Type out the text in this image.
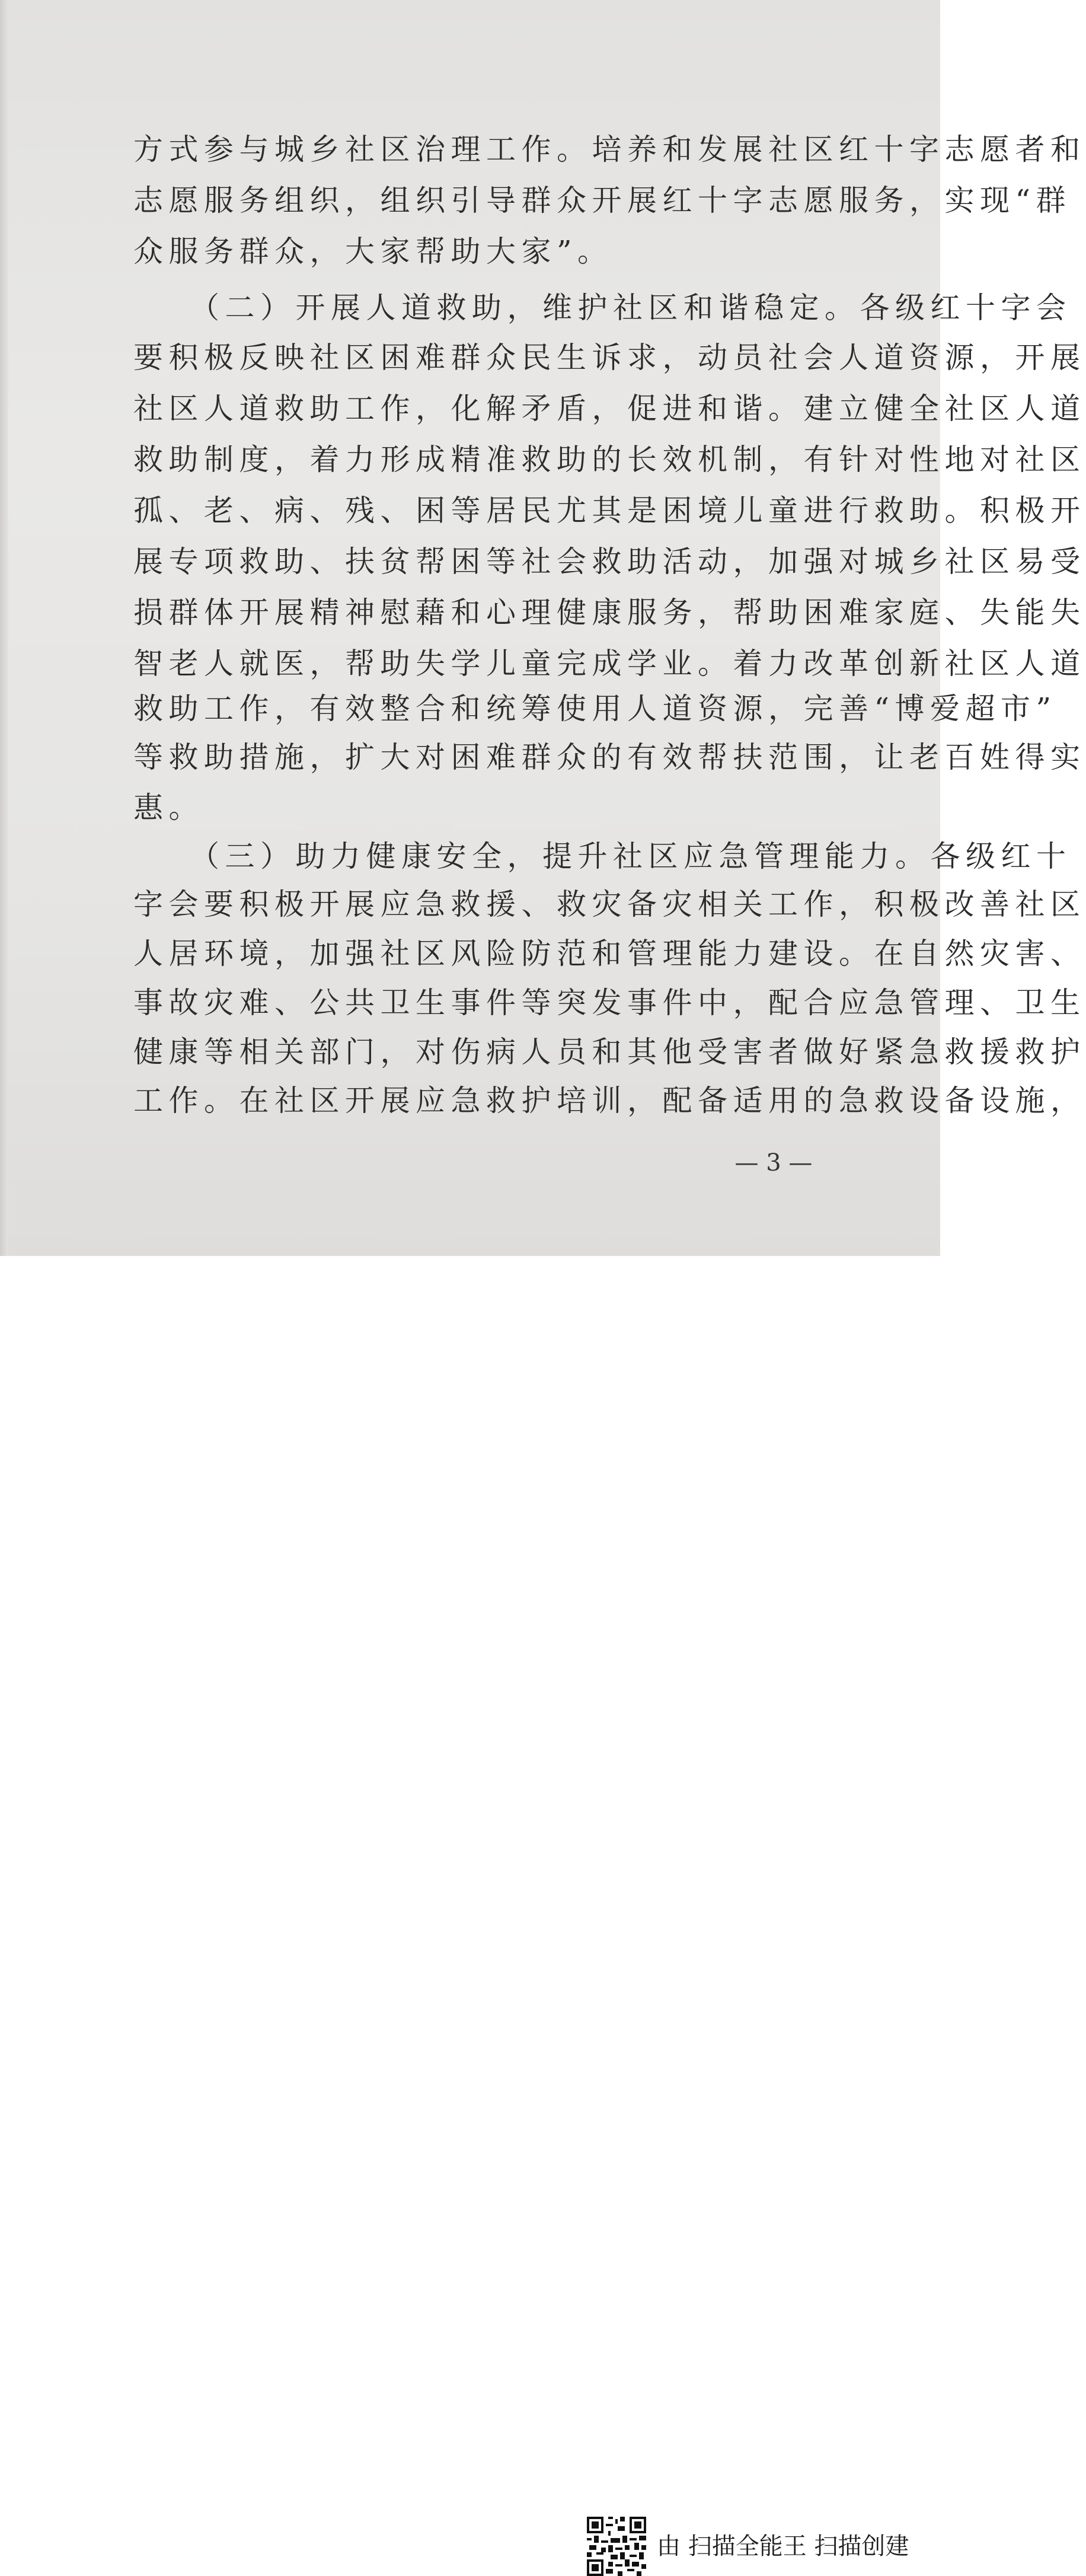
方式参与城乡社区治理工作。培养和发展社区红十字志愿者和
志愿服务组织，组织引导群众开展红十字志愿服务，实现“群
众服务群众，大家帮助大家”。
（二）开展人道救助，维护社区和谐稳定。各级红十字会
要积极反映社区困难群众民生诉求，动员社会人道资源，开展
社区人道救助工作，化解矛盾，促进和谐。建立健全社区人道
救助制度，着力形成精准救助的长效机制，有针对性地对社区
孤、老、病、残、困等居民尤其是困境儿童进行救助。积极开
展专项救助、扶贫帮困等社会救助活动，加强对城乡社区易受
损群体开展精神慰藉和心理健康服务，帮助困难家庭、失能失
智老人就医，帮助失学儿童完成学业。着力改革创新社区人道
救助工作，有效整合和统筹使用人道资源，完善“博爱超市”
等救助措施，扩大对困难群众的有效帮扶范围，让老百姓得实
惠。
（三）助力健康安全，提升社区应急管理能力。各级红十
字会要积极开展应急救援、救灾备灾相关工作，积极改善社区
人居环境，加强社区风险防范和管理能力建设。在自然灾害、
事故灾难、公共卫生事件等突发事件中，配合应急管理、卫生
健康等相关部门，对伤病人员和其他受害者做好紧急救援救护
工作。在社区开展应急救护培训，配备适用的急救设备设施，
— 3 —
由 扫描全能王 扫描创建
